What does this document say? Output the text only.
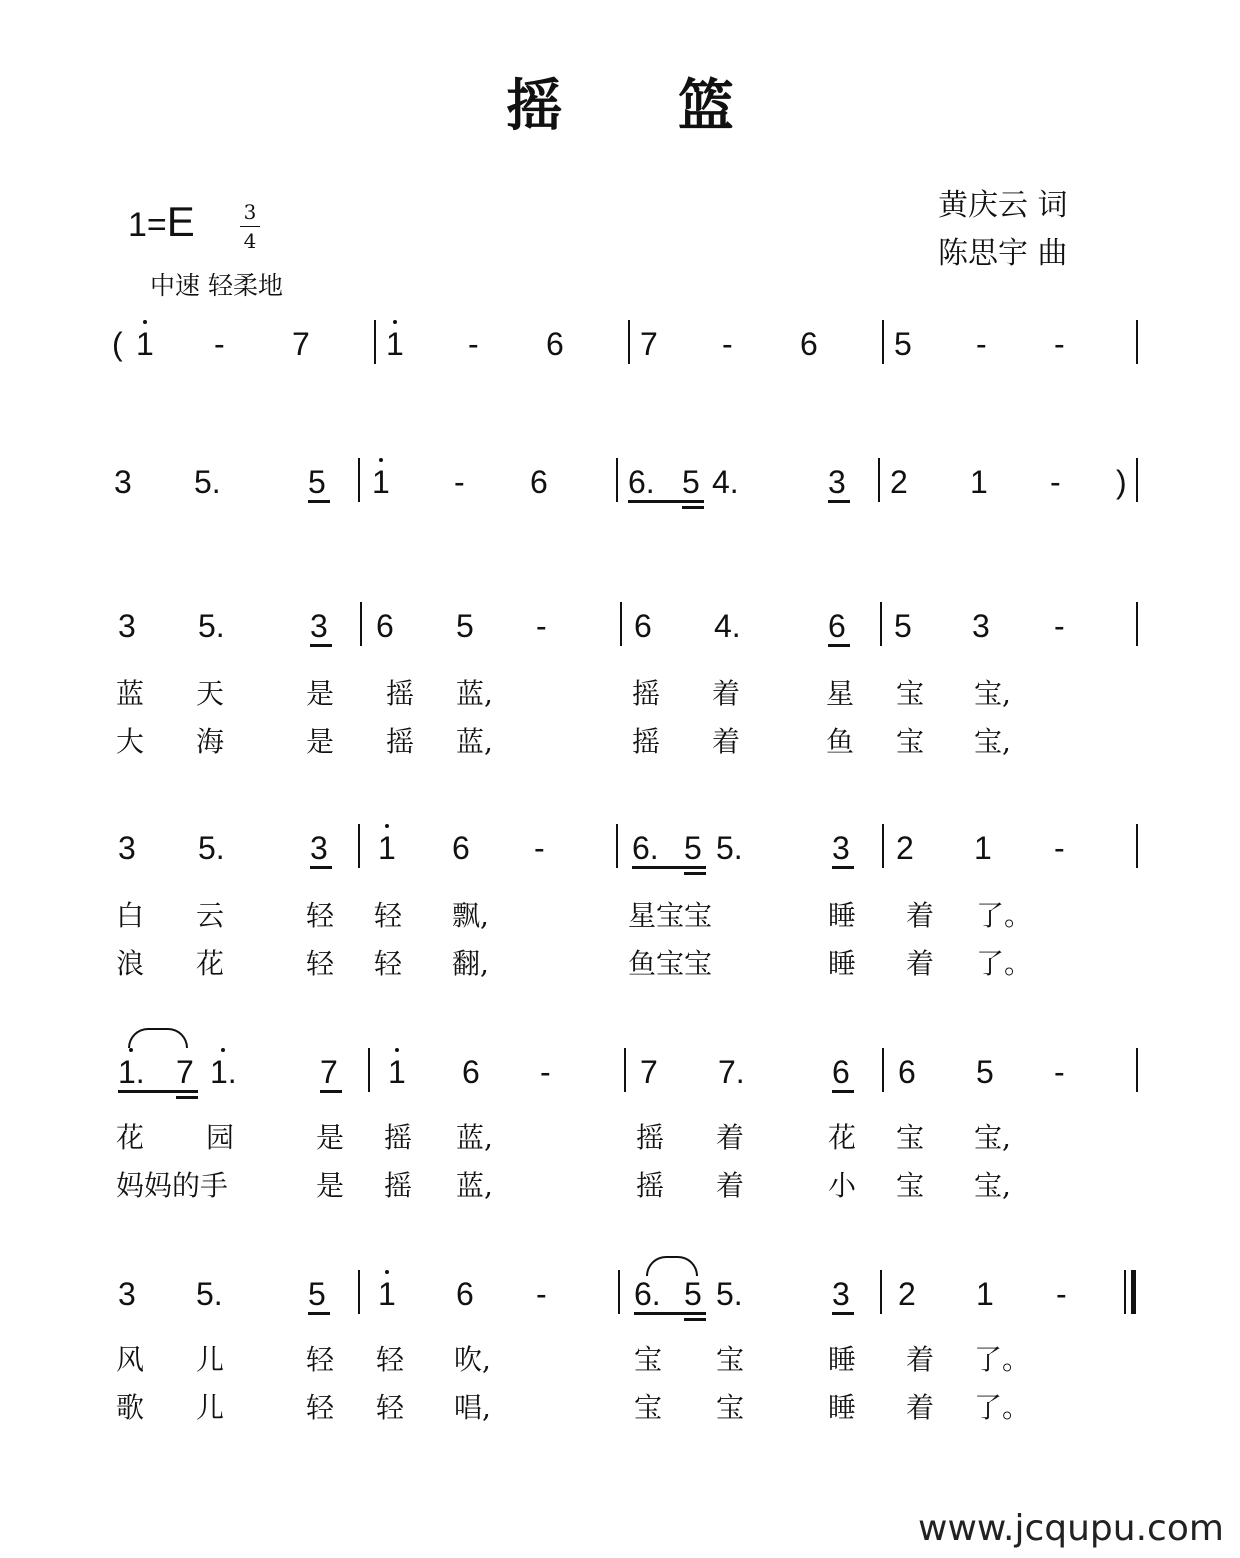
摇 篮
黄庆云 词
陈思宇 曲
1=E 3
4
中速 轻柔地
( 1 - 7 1 - 6 7 - 6 5 - -
3 5.	5 1 - 6	6. 5 4.	3 2 1 - )
3 5.	3 6 5 -	6 4.	6 5 3 -
蓝 天	是 摇 蓝,	摇 着	星 宝 宝,
大 海	是 摇 蓝,	摇 着	鱼 宝 宝,
3 5.	3 1 6 -	6. 5 5.	3 2 1 -
白 云	轻 轻 飘,	星宝宝	睡 着 了。
浪 花	轻 轻 翻,	鱼宝宝	睡 着 了。
1. 7 1.	7 1 6 -	7 7.	6 6 5 -
花 园	是 摇 蓝,	摇 着	花 宝 宝,
妈妈的手	是 摇 蓝,	摇 着	小 宝 宝,
3 5.	5 1 6 -	6. 5 5.	3 2 1 -
风 儿	轻 轻 吹,	宝 宝	睡 着 了。
歌 儿	轻 轻 唱,	宝 宝	睡 着 了。
www.jcqupu.com
